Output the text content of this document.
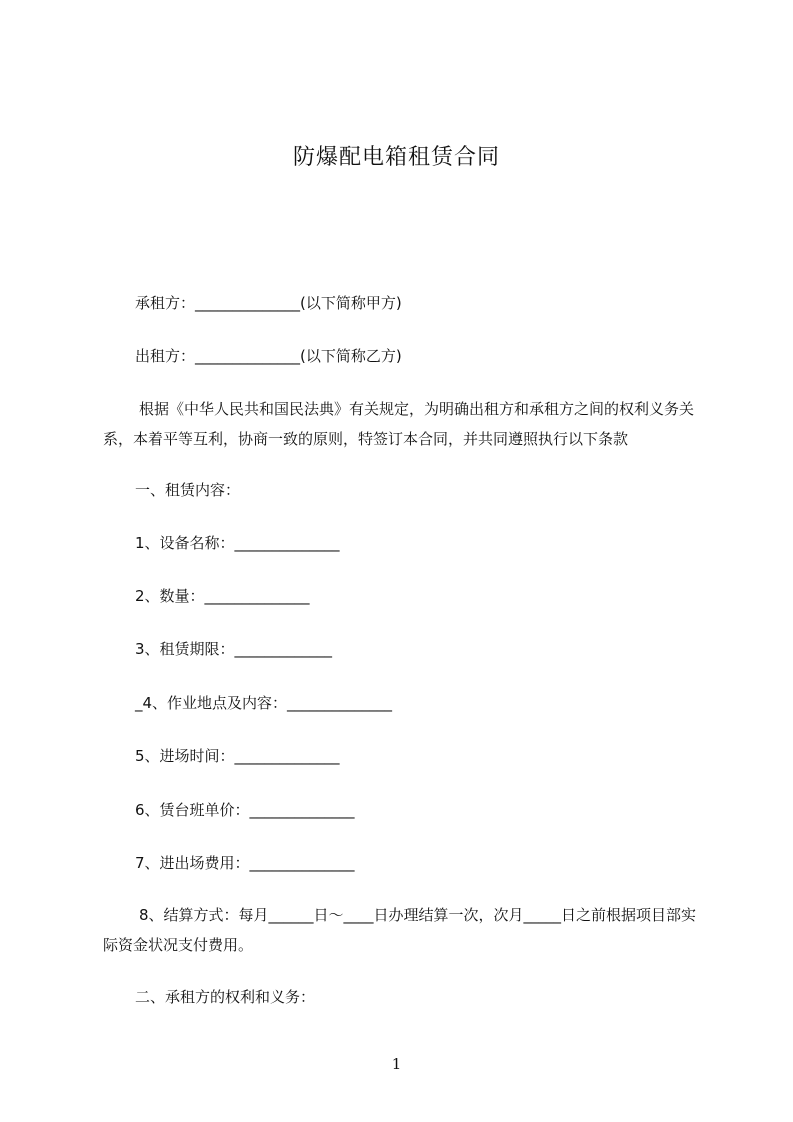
防爆配电箱租赁合同
承租方：______________(以下简称甲方)
出租方：______________(以下简称乙方)
根据《中华人民共和国民法典》有关规定，为明确出租方和承租方之间的权利义务关系，本着平等互利，协商一致的原则，特签订本合同，并共同遵照执行以下条款
一、租赁内容：
1、设备名称：______________
2、数量：______________
3、租赁期限：_____________
_4、作业地点及内容：______________
5、进场时间：______________
6、赁台班单价：______________
7、进出场费用：______________
8、结算方式：每月______日～____日办理结算一次，次月_____日之前根据项目部实际资金状况支付费用。
二、承租方的权利和义务：
1
